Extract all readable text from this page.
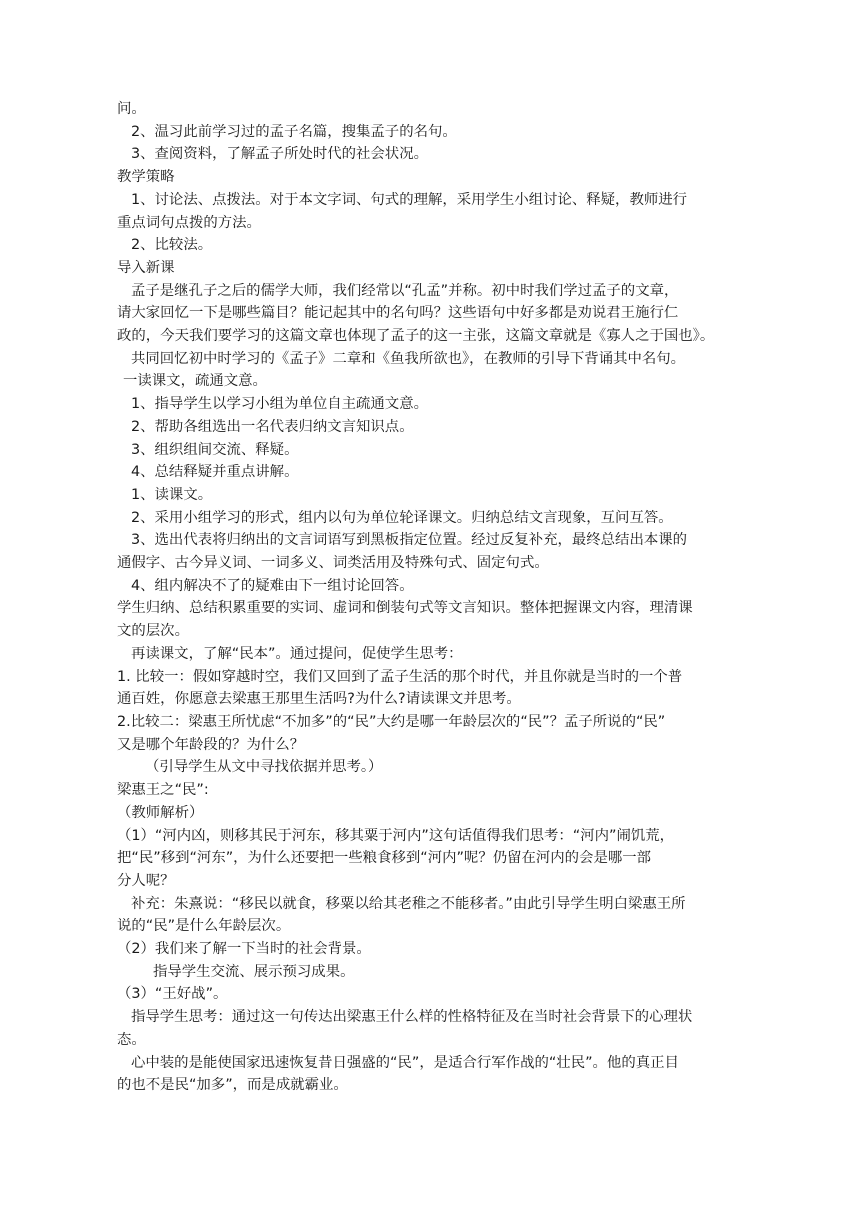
问。
2、温习此前学习过的孟子名篇，搜集孟子的名句。
3、查阅资料，了解孟子所处时代的社会状况。
教学策略
1、讨论法、点拨法。对于本文字词、句式的理解，采用学生小组讨论、释疑，教师进行
重点词句点拨的方法。
2、比较法。
导入新课
孟子是继孔子之后的儒学大师，我们经常以“孔孟”并称。初中时我们学过孟子的文章，
请大家回忆一下是哪些篇目？能记起其中的名句吗？这些语句中好多都是劝说君王施行仁
政的，今天我们要学习的这篇文章也体现了孟子的这一主张，这篇文章就是《寡人之于国也》。
共同回忆初中时学习的《孟子》二章和《鱼我所欲也》，在教师的引导下背诵其中名句。
一读课文，疏通文意。
1、指导学生以学习小组为单位自主疏通文意。
2、帮助各组选出一名代表归纳文言知识点。
3、组织组间交流、释疑。
4、总结释疑并重点讲解。
1、读课文。
2、采用小组学习的形式，组内以句为单位轮译课文。归纳总结文言现象，互问互答。
3、选出代表将归纳出的文言词语写到黑板指定位置。经过反复补充，最终总结出本课的
通假字、古今异义词、一词多义、词类活用及特殊句式、固定句式。
4、组内解决不了的疑难由下一组讨论回答。
学生归纳、总结积累重要的实词、虚词和倒装句式等文言知识。整体把握课文内容，理清课
文的层次。
再读课文，了解“民本”。通过提问，促使学生思考：
1. 比较一：假如穿越时空，我们又回到了孟子生活的那个时代，并且你就是当时的一个普
通百姓，你愿意去梁惠王那里生活吗?为什么?请读课文并思考。
2.比较二：梁惠王所忧虑“不加多”的“民”大约是哪一年龄层次的“民”？孟子所说的“民”
又是哪个年龄段的？为什么？
（引导学生从文中寻找依据并思考。）
梁惠王之“民”:
（教师解析）
（1）“河内凶，则移其民于河东，移其粟于河内”这句话值得我们思考：“河内”闹饥荒，
把“民”移到“河东”，为什么还要把一些粮食移到“河内”呢？仍留在河内的会是哪一部
分人呢？
补充：朱熹说：“移民以就食，移粟以给其老稚之不能移者。”由此引导学生明白梁惠王所
说的“民”是什么年龄层次。
（2）我们来了解一下当时的社会背景。
指导学生交流、展示预习成果。
（3）“王好战”。
指导学生思考：通过这一句传达出梁惠王什么样的性格特征及在当时社会背景下的心理状
态。
心中装的是能使国家迅速恢复昔日强盛的“民”，是适合行军作战的“壮民”。他的真正目
的也不是民“加多”，而是成就霸业。
